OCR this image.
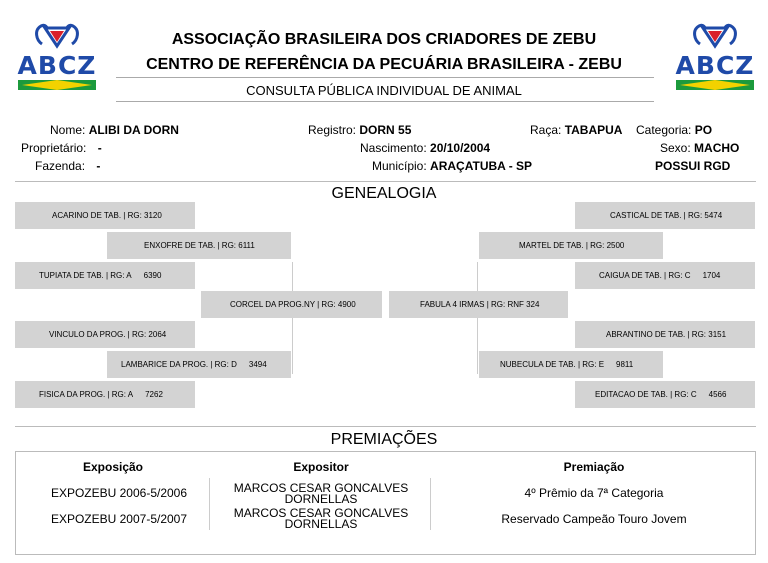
ABCZ	ABCZ
ASSOCIAÇÃO BRASILEIRA DOS CRIADORES DE ZEBU
CENTRO DE REFERÊNCIA DA PECUÁRIA BRASILEIRA - ZEBU
CONSULTA PÚBLICA INDIVIDUAL DE ANIMAL
Nome: ALIBI DA DORN	Registro: DORN 55	Raça: TABAPUA Categoria: PO
Proprietário: -	Nascimento: 20/10/2004	Sexo: MACHO
Fazenda: -	Município: ARAÇATUBA - SP	POSSUI RGD
GENEALOGIA
ACARINO DE TAB. | RG: 3120
ENXOFRE DE TAB. | RG: 6111
TUPIATA DE TAB. | RG: A 6390
CORCEL DA PROG.NY | RG: 4900
VINCULO DA PROG. | RG: 2064
LAMBARICE DA PROG. | RG: D 3494
FISICA DA PROG. | RG: A 7262
CASTICAL DE TAB. | RG: 5474
MARTEL DE TAB. | RG: 2500
CAIGUA DE TAB. | RG: C 1704
FABULA 4 IRMAS | RG: RNF 324
ABRANTINO DE TAB. | RG: 3151
NUBECULA DE TAB. | RG: E 9811
EDITACAO DE TAB. | RG: C 4566
PREMIAÇÕES
Exposição	Expositor	Premiação
EXPOZEBU 2006-5/2006	MARCOS CESAR GONCALVES
DORNELLAS	4º Prêmio da 7ª Categoria
EXPOZEBU 2007-5/2007	MARCOS CESAR GONCALVES
DORNELLAS	Reservado Campeão Touro Jovem
